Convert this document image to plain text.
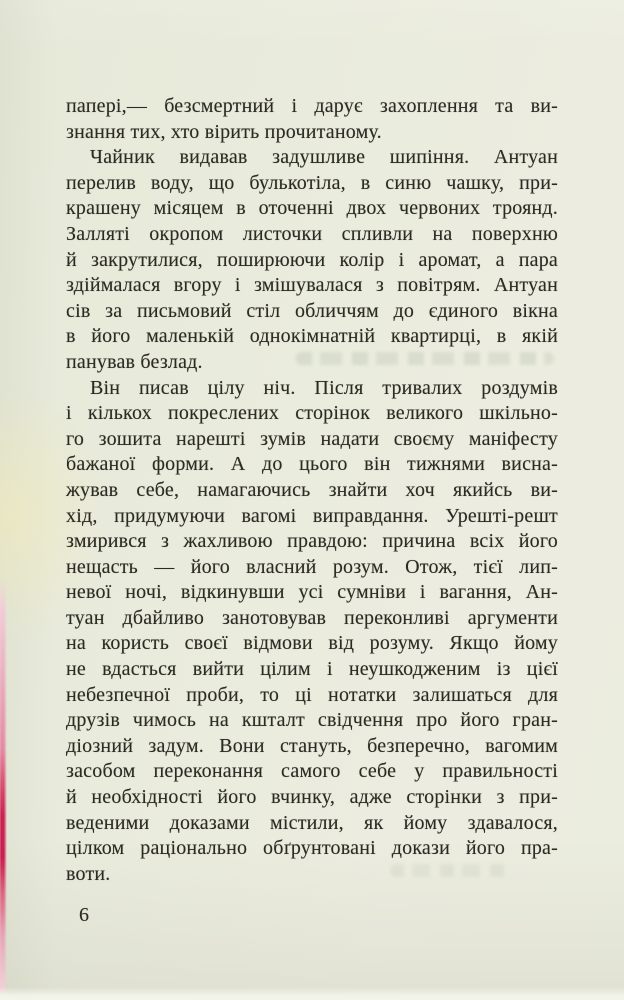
папері,— безсмертний і дарує захоплення та ви-
знання тих, хто вірить прочитаному.
Чайник видавав задушливе шипіння. Антуан
перелив воду, що булькотіла, в синю чашку, при-
крашену місяцем в оточенні двох червоних троянд.
Залляті окропом листочки спливли на поверхню
й закрутилися, поширюючи колір і аромат, а пара
здіймалася вгору і змішувалася з повітрям. Антуан
сів за письмовий стіл обличчям до єдиного вікна
в його маленькій однокімнатній квартирці, в якій
панував безлад.
Він писав цілу ніч. Після тривалих роздумів
і кількох покреслених сторінок великого шкільно-
го зошита нарешті зумів надати своєму маніфесту
бажаної форми. А до цього він тижнями висна-
жував себе, намагаючись знайти хоч якийсь ви-
хід, придумуючи вагомі виправдання. Урешті-решт
змирився з жахливою правдою: причина всіх його
нещасть — його власний розум. Отож, тієї лип-
невої ночі, відкинувши усі сумніви і вагання, Ан-
туан дбайливо занотовував переконливі аргументи
на користь своєї відмови від розуму. Якщо йому
не вдасться вийти цілим і неушкодженим із цієї
небезпечної проби, то ці нотатки залишаться для
друзів чимось на кшталт свідчення про його гран-
діозний задум. Вони стануть, безперечно, вагомим
засобом переконання самого себе у правильності
й необхідності його вчинку, адже сторінки з при-
веденими доказами містили, як йому здавалося,
цілком раціонально обґрунтовані докази його пра-
воти.
6
